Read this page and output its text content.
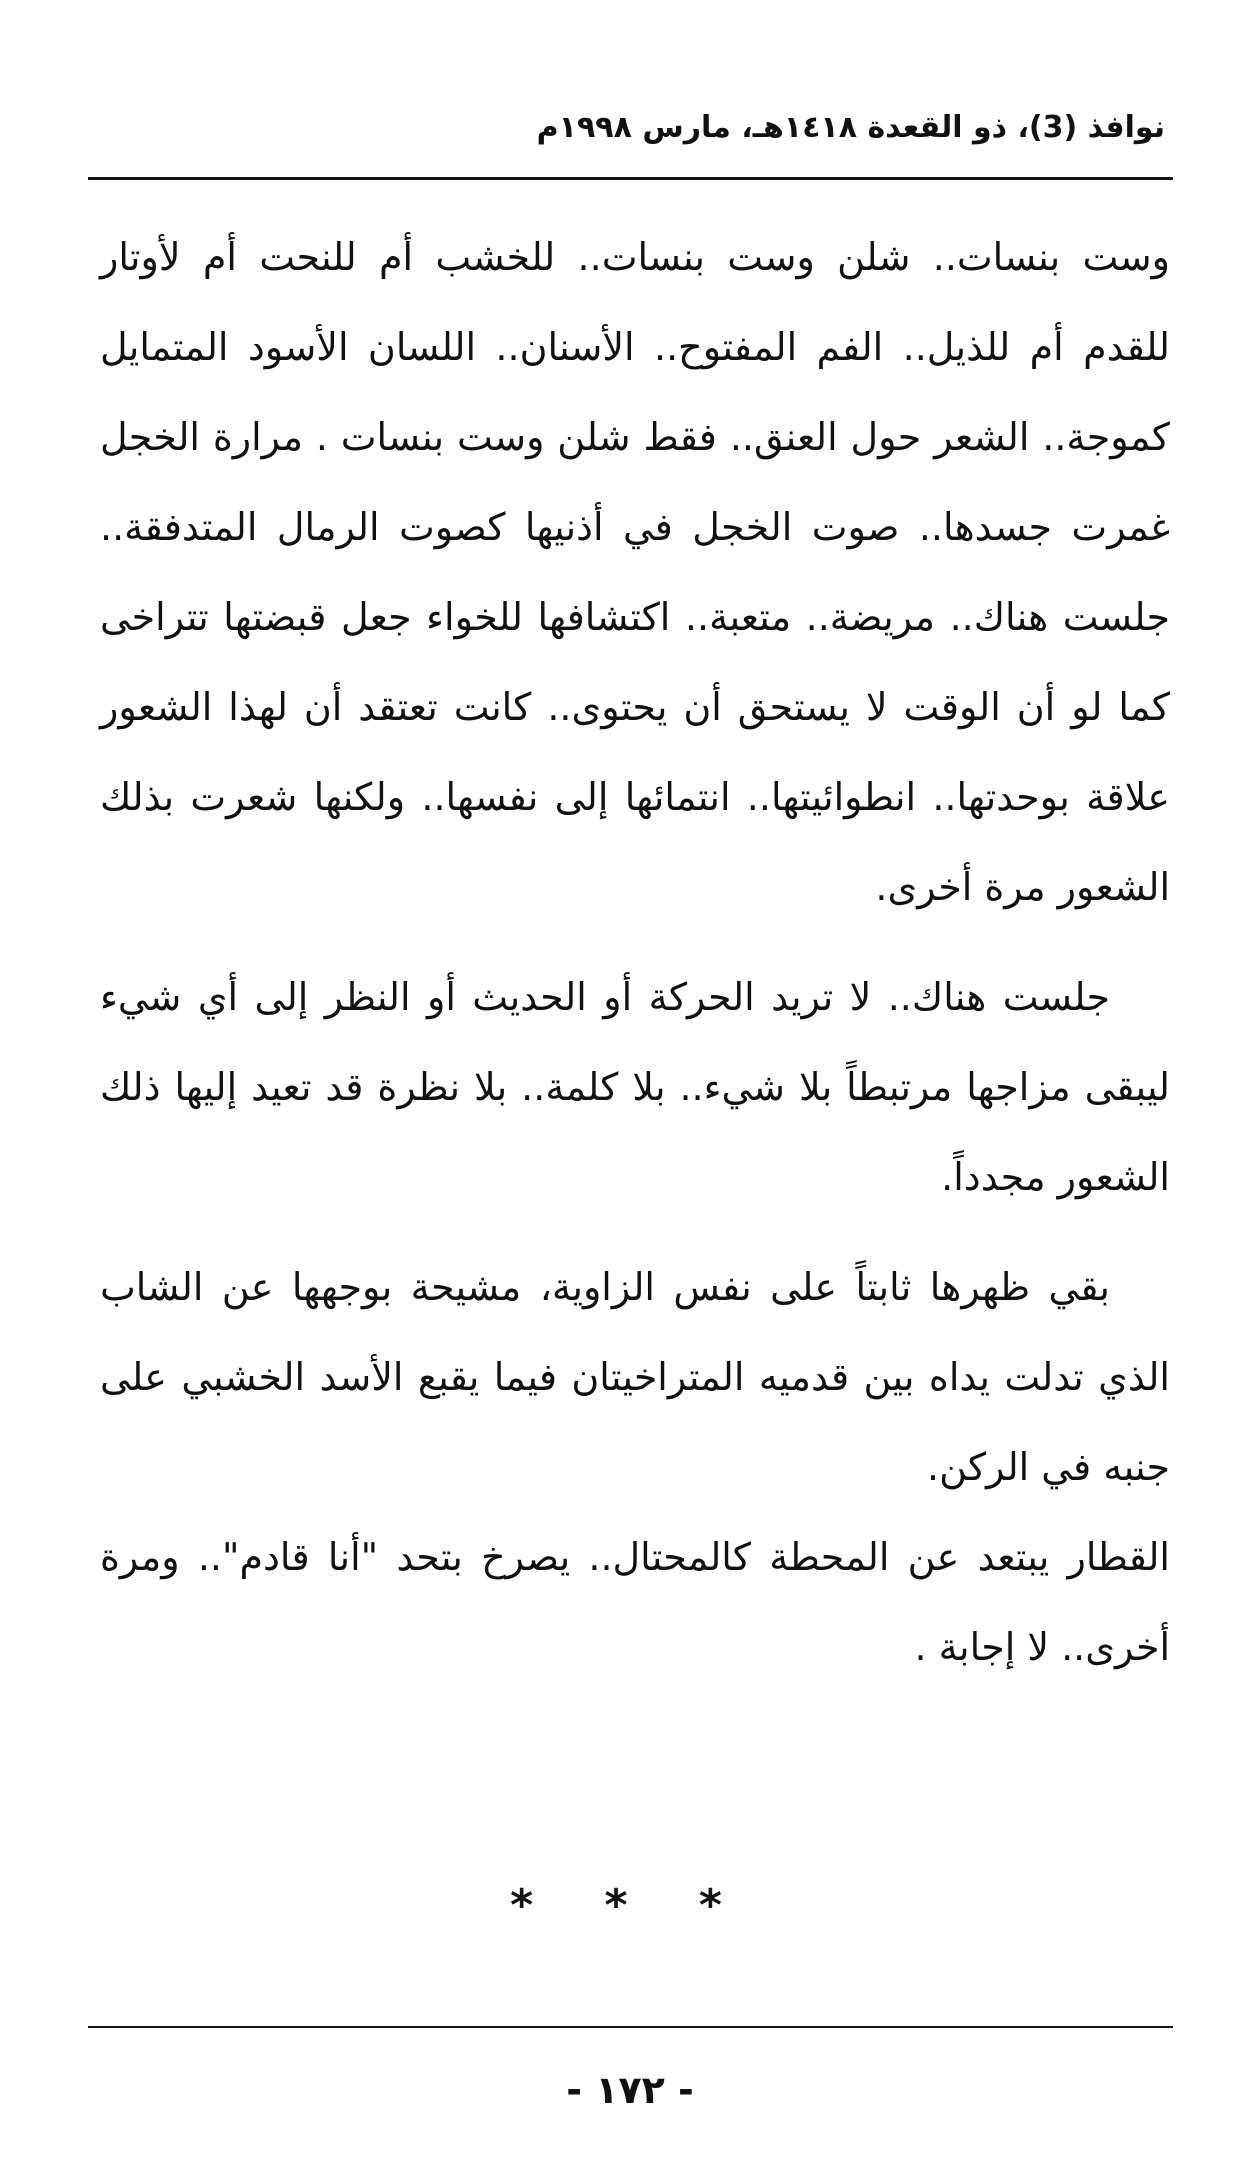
نوافذ (3)، ذو القعدة ١٤١٨هـ، مارس ١٩٩٨م

وست بنسات.. شلن وست بنسات.. للخشب أم للنحت أم لأوتار للقدم أم للذيل.. الفم المفتوح.. الأسنان.. اللسان الأسود المتمايل كموجة.. الشعر حول العنق.. فقط شلن وست بنسات . مرارة الخجل غمرت جسدها.. صوت الخجل في أذنيها كصوت الرمال المتدفقة.. جلست هناك.. مريضة.. متعبة.. اكتشافها للخواء جعل قبضتها تتراخى كما لو أن الوقت لا يستحق أن يحتوى.. كانت تعتقد أن لهذا الشعور علاقة بوحدتها.. انطوائيتها.. انتمائها إلى نفسها.. ولكنها شعرت بذلك الشعور مرة أخرى.

جلست هناك.. لا تريد الحركة أو الحديث أو النظر إلى أي شيء ليبقى مزاجها مرتبطاً بلا شيء.. بلا كلمة.. بلا نظرة قد تعيد إليها ذلك الشعور مجدداً.

بقي ظهرها ثابتاً على نفس الزاوية، مشيحة بوجهها عن الشاب الذي تدلت يداه بين قدميه المتراخيتان فيما يقبع الأسد الخشبي على جنبه في الركن.

القطار يبتعد عن المحطة كالمحتال.. يصرخ بتحد "أنا قادم".. ومرة أخرى.. لا إجابة .

* * *
- ١٧٢ -
